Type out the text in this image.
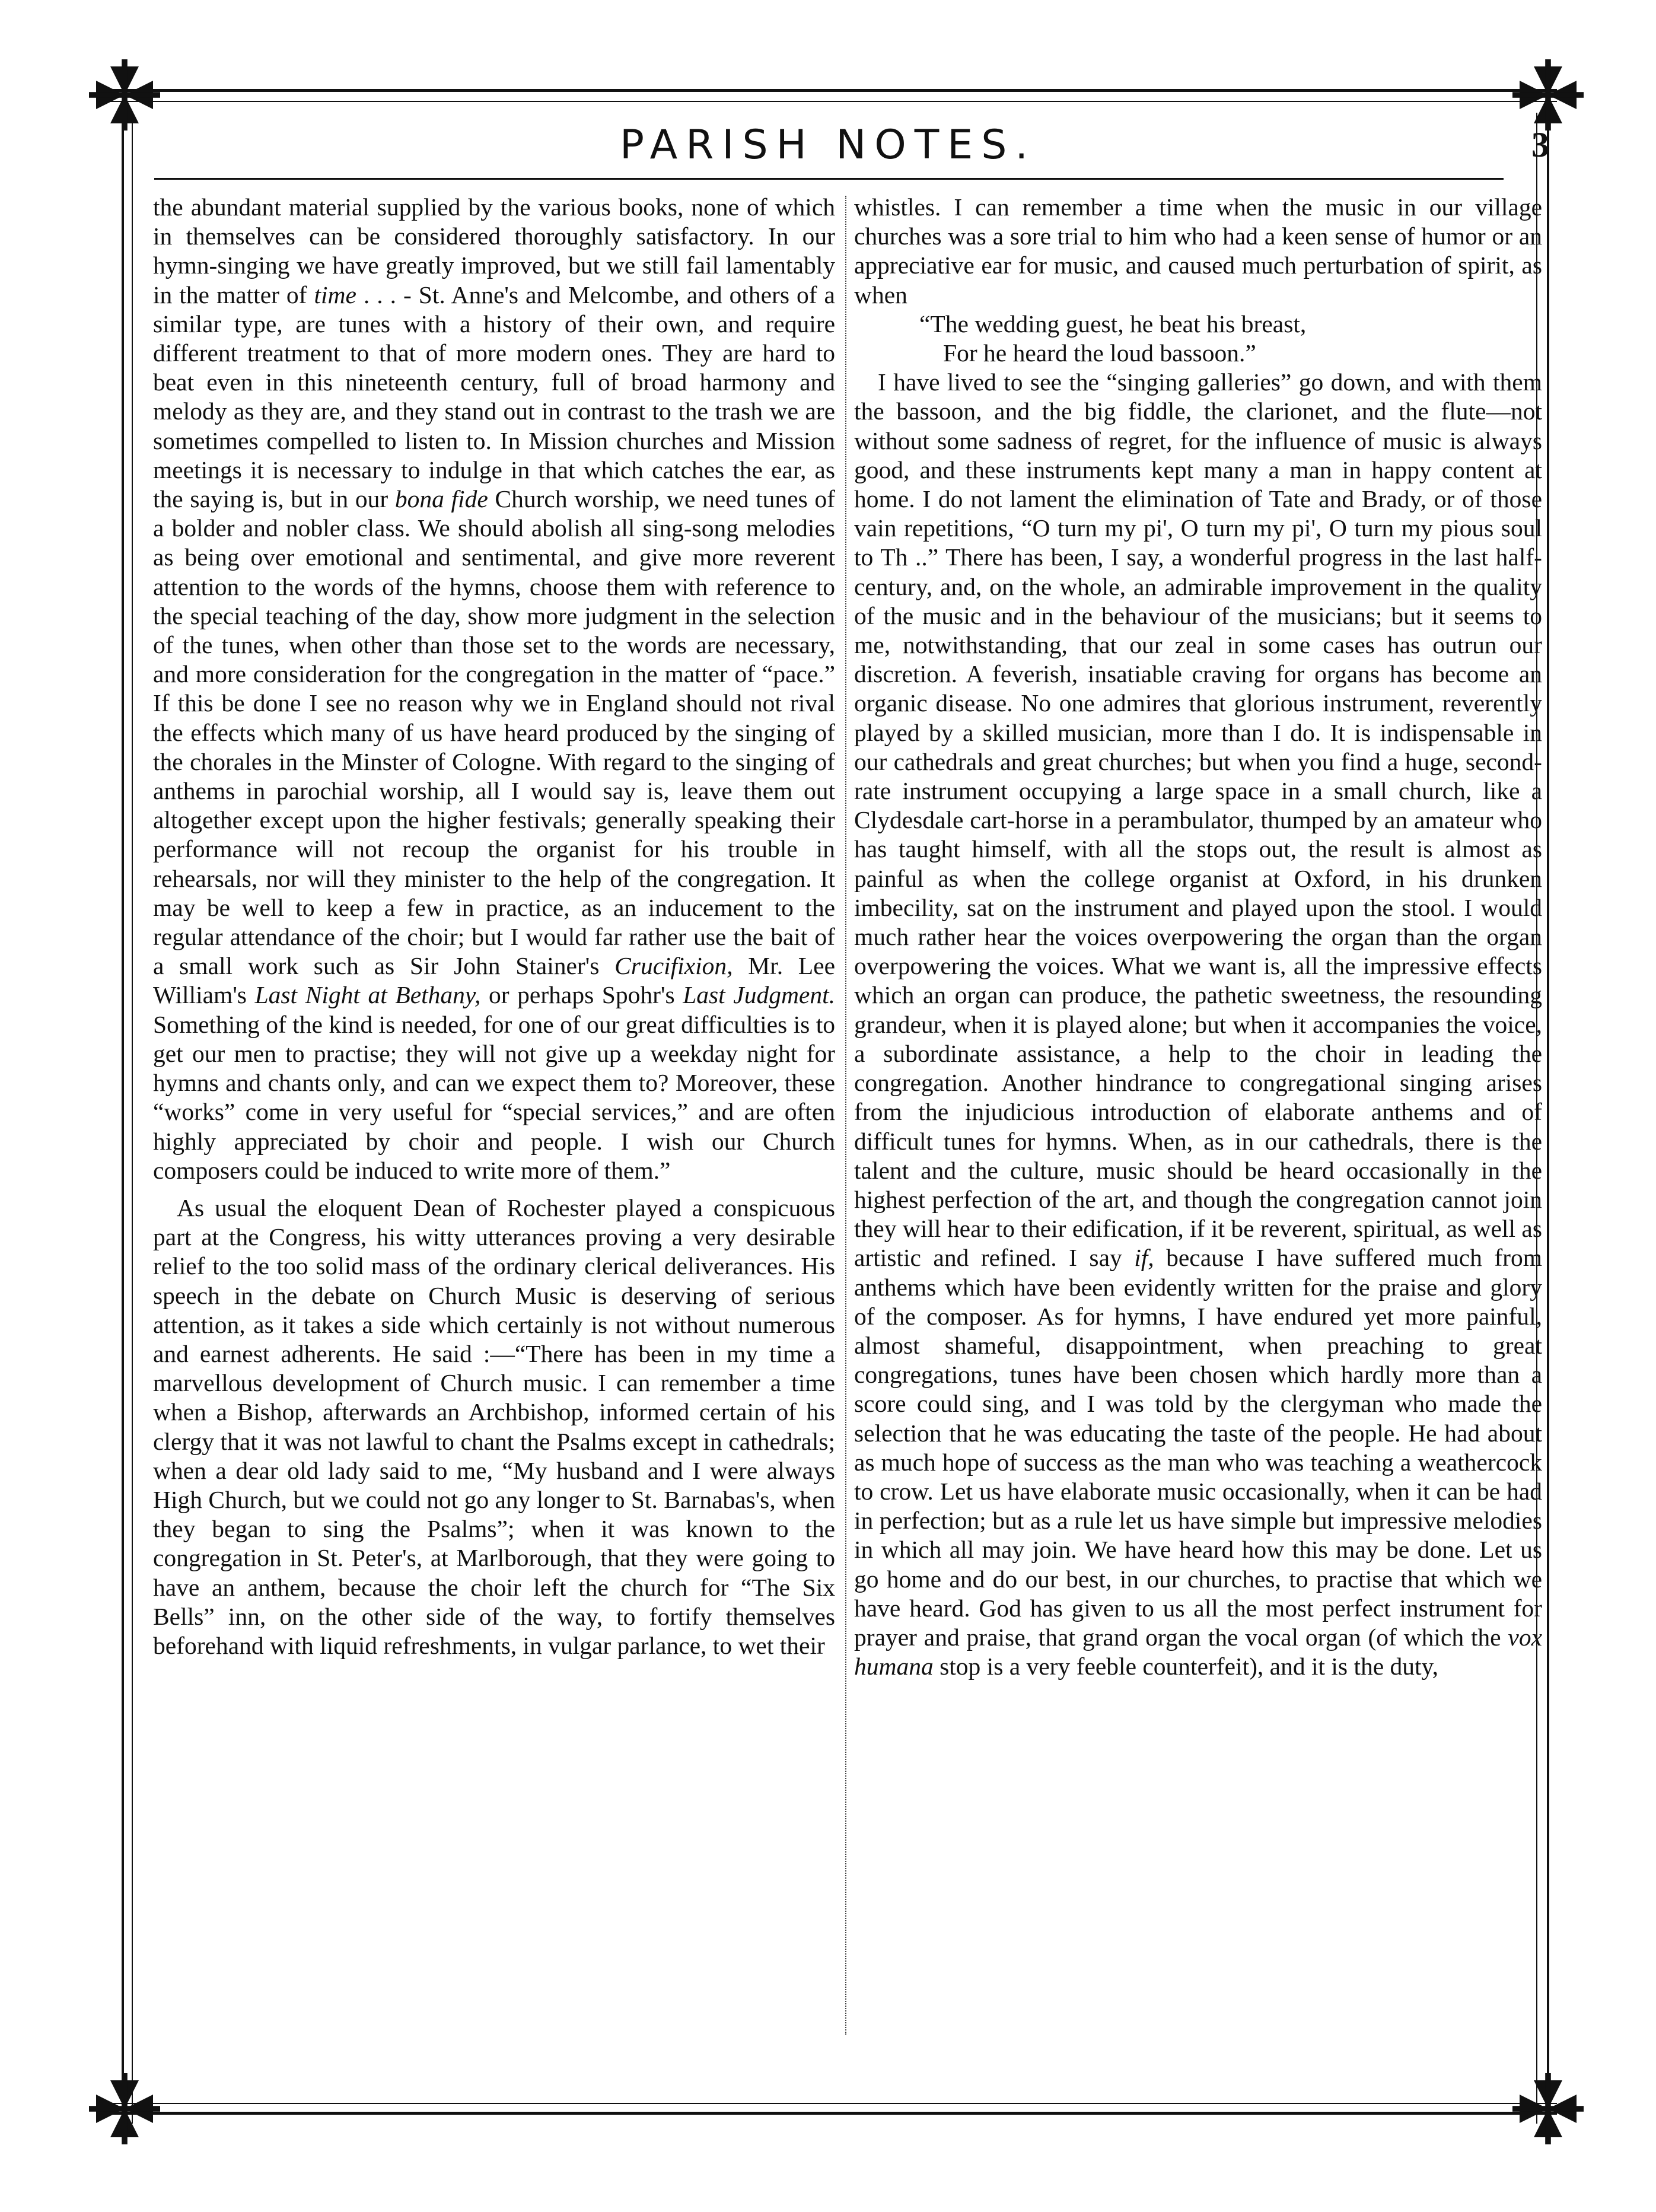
PARISH NOTES.	3

the abundant material supplied by the various books, none of which in themselves can be considered thoroughly satisfactory. In our hymn-singing we have greatly improved, but we still fail lamentably in the matter of time . . . - St. Anne's and Melcombe, and others of a similar type, are tunes with a history of their own, and require different treatment to that of more modern ones. They are hard to beat even in this nineteenth century, full of broad harmony and melody as they are, and they stand out in contrast to the trash we are sometimes compelled to listen to. In Mission churches and Mission meetings it is necessary to indulge in that which catches the ear, as the saying is, but in our bona fide Church worship, we need tunes of a bolder and nobler class. We should abolish all sing-song melodies as being over emotional and sentimental, and give more reverent attention to the words of the hymns, choose them with reference to the special teaching of the day, show more judgment in the selection of the tunes, when other than those set to the words are necessary, and more consideration for the congregation in the matter of “pace.” If this be done I see no reason why we in England should not rival the effects which many of us have heard produced by the singing of the chorales in the Minster of Cologne. With regard to the singing of anthems in parochial worship, all I would say is, leave them out altogether except upon the higher festivals; generally speaking their performance will not recoup the organist for his trouble in rehearsals, nor will they minister to the help of the congregation. It may be well to keep a few in practice, as an inducement to the regular attendance of the choir; but I would far rather use the bait of a small work such as Sir John Stainer's Crucifixion, Mr. Lee William's Last Night at Bethany, or perhaps Spohr's Last Judgment. Something of the kind is needed, for one of our great difficulties is to get our men to practise; they will not give up a weekday night for hymns and chants only, and can we expect them to? Moreover, these “works” come in very useful for “special services,” and are often highly appreciated by choir and people. I wish our Church composers could be induced to write more of them.”

As usual the eloquent Dean of Rochester played a conspicuous part at the Congress, his witty utterances proving a very desirable relief to the too solid mass of the ordinary clerical deliverances. His speech in the debate on Church Music is deserving of serious attention, as it takes a side which certainly is not without numerous and earnest adherents. He said :—“There has been in my time a marvellous development of Church music. I can remember a time when a Bishop, afterwards an Archbishop, informed certain of his clergy that it was not lawful to chant the Psalms except in cathedrals; when a dear old lady said to me, “My husband and I were always High Church, but we could not go any longer to St. Barnabas's, when they began to sing the Psalms”; when it was known to the congregation in St. Peter's, at Marlborough, that they were going to have an anthem, because the choir left the church for “The Six Bells” inn, on the other side of the way, to fortify themselves beforehand with liquid refreshments, in vulgar parlance, to wet their

whistles. I can remember a time when the music in our village churches was a sore trial to him who had a keen sense of humor or an appreciative ear for music, and caused much perturbation of spirit, as when

“The wedding guest, he beat his breast,

For he heard the loud bassoon.”

I have lived to see the “singing galleries” go down, and with them the bassoon, and the big fiddle, the clarionet, and the flute—not without some sadness of regret, for the influence of music is always good, and these instruments kept many a man in happy content at home. I do not lament the elimination of Tate and Brady, or of those vain repetitions, “O turn my pi', O turn my pi', O turn my pious soul to Th ..” There has been, I say, a wonderful progress in the last half-century, and, on the whole, an admirable improvement in the quality of the music and in the behaviour of the musicians; but it seems to me, notwithstanding, that our zeal in some cases has outrun our discretion. A feverish, insatiable craving for organs has become an organic disease. No one admires that glorious instrument, reverently played by a skilled musician, more than I do. It is indispensable in our cathedrals and great churches; but when you find a huge, second-rate instrument occupying a large space in a small church, like a Clydesdale cart-horse in a perambulator, thumped by an amateur who has taught himself, with all the stops out, the result is almost as painful as when the college organist at Oxford, in his drunken imbecility, sat on the instrument and played upon the stool. I would much rather hear the voices overpowering the organ than the organ overpowering the voices. What we want is, all the impressive effects which an organ can produce, the pathetic sweetness, the resounding grandeur, when it is played alone; but when it accompanies the voice, a subordinate assistance, a help to the choir in leading the congregation. Another hindrance to congregational singing arises from the injudicious introduction of elaborate anthems and of difficult tunes for hymns. When, as in our cathedrals, there is the talent and the culture, music should be heard occasionally in the highest perfection of the art, and though the congregation cannot join they will hear to their edification, if it be reverent, spiritual, as well as artistic and refined. I say if, because I have suffered much from anthems which have been evidently written for the praise and glory of the composer. As for hymns, I have endured yet more painful, almost shameful, disappointment, when preaching to great congregations, tunes have been chosen which hardly more than a score could sing, and I was told by the clergyman who made the selection that he was educating the taste of the people. He had about as much hope of success as the man who was teaching a weathercock to crow. Let us have elaborate music occasionally, when it can be had in perfection; but as a rule let us have simple but impressive melodies in which all may join. We have heard how this may be done. Let us go home and do our best, in our churches, to practise that which we have heard. God has given to us all the most perfect instrument for prayer and praise, that grand organ the vocal organ (of which the vox humana stop is a very feeble counterfeit), and it is the duty,
